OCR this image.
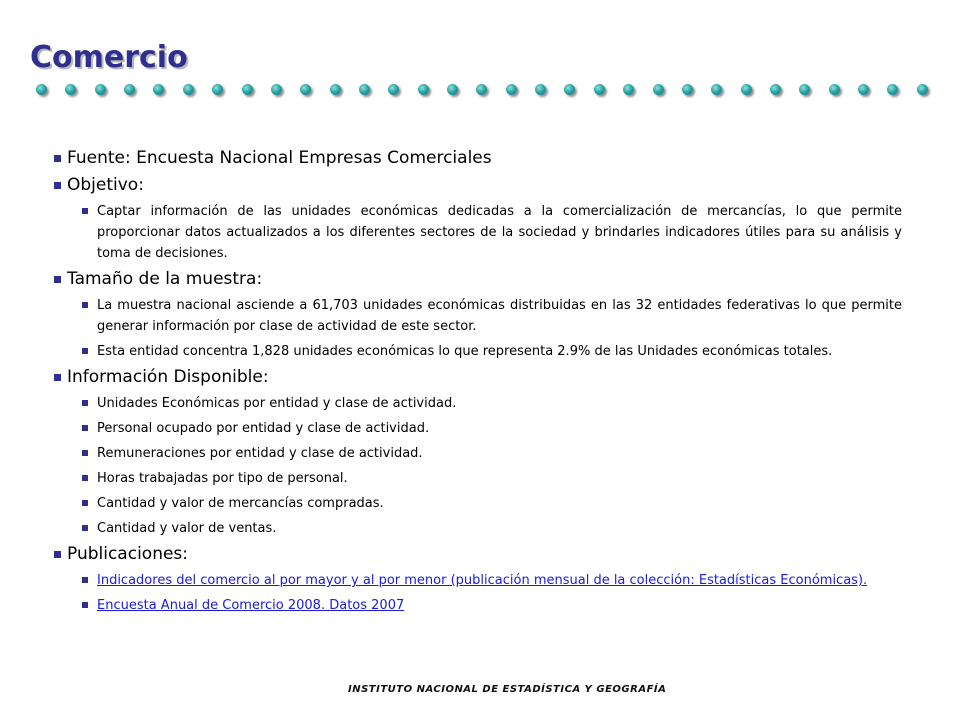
Comercio
Fuente: Encuesta Nacional Empresas Comerciales
Objetivo:
Captar información de las unidades económicas dedicadas a la comercialización de mercancías, lo que permite proporcionar datos actualizados a los diferentes sectores de la sociedad y brindarles indicadores útiles para su análisis y toma de decisiones.
Tamaño de la muestra:
La muestra nacional asciende a 61,703 unidades económicas distribuidas en las 32 entidades federativas lo que permite generar información por clase de actividad de este sector.
Esta entidad concentra 1,828 unidades económicas lo que representa 2.9% de las Unidades económicas totales.
Información Disponible:
Unidades Económicas por entidad y clase de actividad.
Personal ocupado por entidad y clase de actividad.
Remuneraciones por entidad y clase de actividad.
Horas trabajadas por tipo de personal.
Cantidad y valor de mercancías compradas.
Cantidad y valor de ventas.
Publicaciones:
Indicadores del comercio al por mayor y al por menor (publicación mensual de la colección: Estadísticas Económicas).
Encuesta Anual de Comercio 2008. Datos 2007
INSTITUTO NACIONAL DE ESTADÍSTICA Y GEOGRAFÍA
